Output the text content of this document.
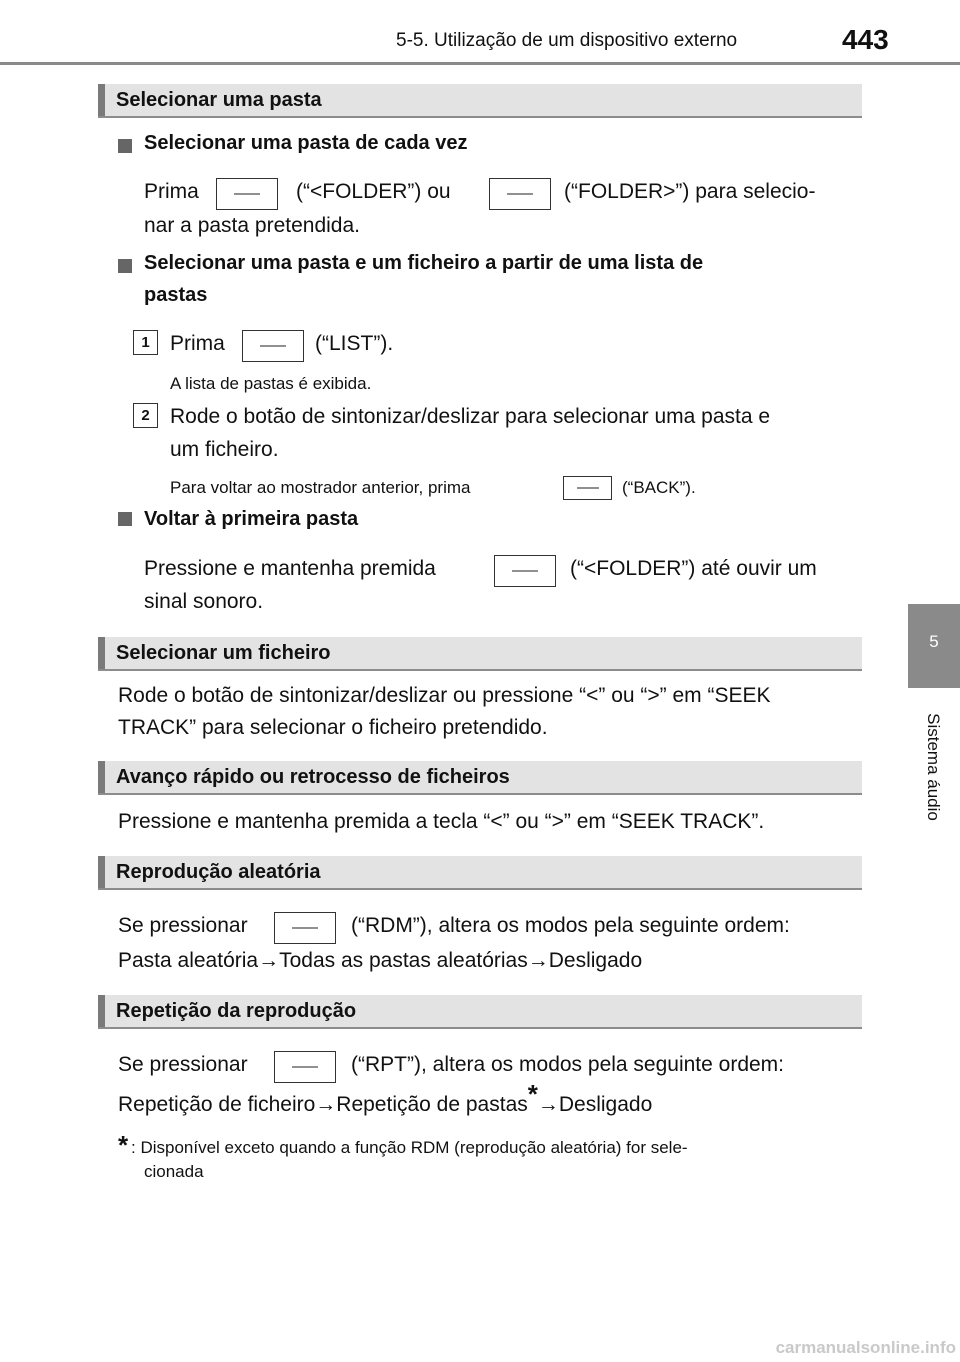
5-5. Utilização de um dispositivo externo	443
5
Sistema áudio
Selecionar uma pasta
Selecionar uma pasta de cada vez
Prima	(“<FOLDER”) ou	(“FOLDER>”) para selecio-
nar a pasta pretendida.
Selecionar uma pasta e um ficheiro a partir de uma lista de
pastas
1 Prima	(“LIST”).
A lista de pastas é exibida.
2 Rode o botão de sintonizar/deslizar para selecionar uma pasta e
um ficheiro.
Para voltar ao mostrador anterior, prima	(“BACK”).
Voltar à primeira pasta
Pressione e mantenha premida	(“<FOLDER”) até ouvir um
sinal sonoro.
Selecionar um ficheiro
Rode o botão de sintonizar/deslizar ou pressione “<” ou “>” em “SEEK
TRACK” para selecionar o ficheiro pretendido.
Avanço rápido ou retrocesso de ficheiros
Pressione e mantenha premida a tecla “<” ou “>” em “SEEK TRACK”.
Reprodução aleatória
Se pressionar	(“RDM”), altera os modos pela seguinte ordem:
Pasta aleatória→Todas as pastas aleatórias→Desligado
Repetição da reprodução
Se pressionar	(“RPT”), altera os modos pela seguinte ordem:
Repetição de ficheiro→Repetição de pastas*→Desligado
* : Disponível exceto quando a função RDM (reprodução aleatória) for sele-
cionada
carmanualsonline.info
